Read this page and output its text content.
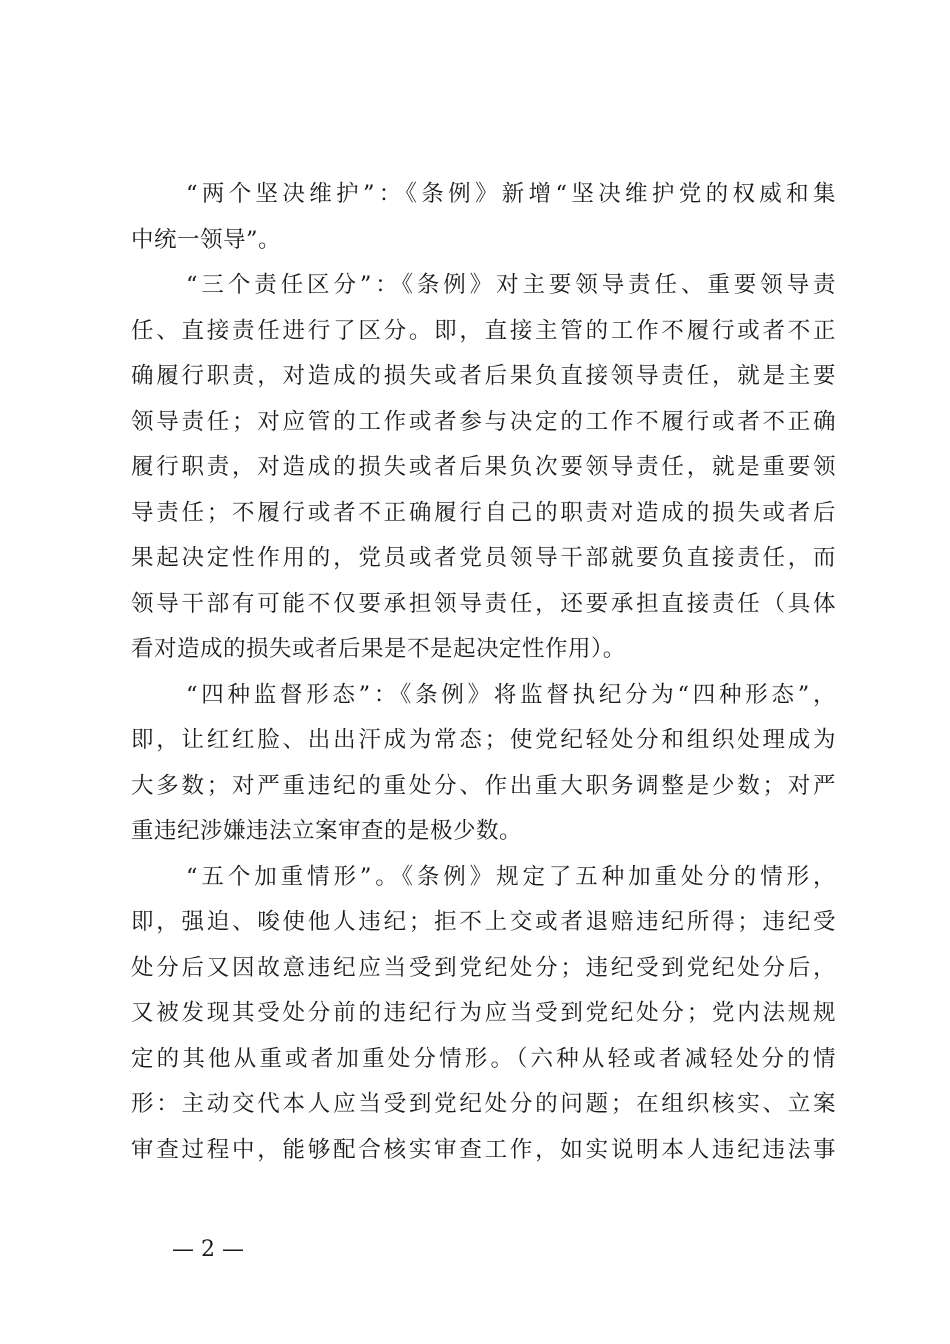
“两个坚决维护”：《条例》新增“坚决维护党的权威和集
中统一领导”。
“三个责任区分”：《条例》对主要领导责任、重要领导责
任、直接责任进行了区分。即，直接主管的工作不履行或者不正
确履行职责，对造成的损失或者后果负直接领导责任，就是主要
领导责任；对应管的工作或者参与决定的工作不履行或者不正确
履行职责，对造成的损失或者后果负次要领导责任，就是重要领
导责任；不履行或者不正确履行自己的职责对造成的损失或者后
果起决定性作用的，党员或者党员领导干部就要负直接责任，而
领导干部有可能不仅要承担领导责任，还要承担直接责任（具体
看对造成的损失或者后果是不是起决定性作用）。
“四种监督形态”：《条例》将监督执纪分为“四种形态”，
即，让红红脸、出出汗成为常态；使党纪轻处分和组织处理成为
大多数；对严重违纪的重处分、作出重大职务调整是少数；对严
重违纪涉嫌违法立案审查的是极少数。
“五个加重情形”。《条例》规定了五种加重处分的情形，
即，强迫、唆使他人违纪；拒不上交或者退赔违纪所得；违纪受
处分后又因故意违纪应当受到党纪处分；违纪受到党纪处分后，
又被发现其受处分前的违纪行为应当受到党纪处分；党内法规规
定的其他从重或者加重处分情形。（六种从轻或者减轻处分的情
形：主动交代本人应当受到党纪处分的问题；在组织核实、立案
审查过程中，能够配合核实审查工作，如实说明本人违纪违法事
— 2 —
